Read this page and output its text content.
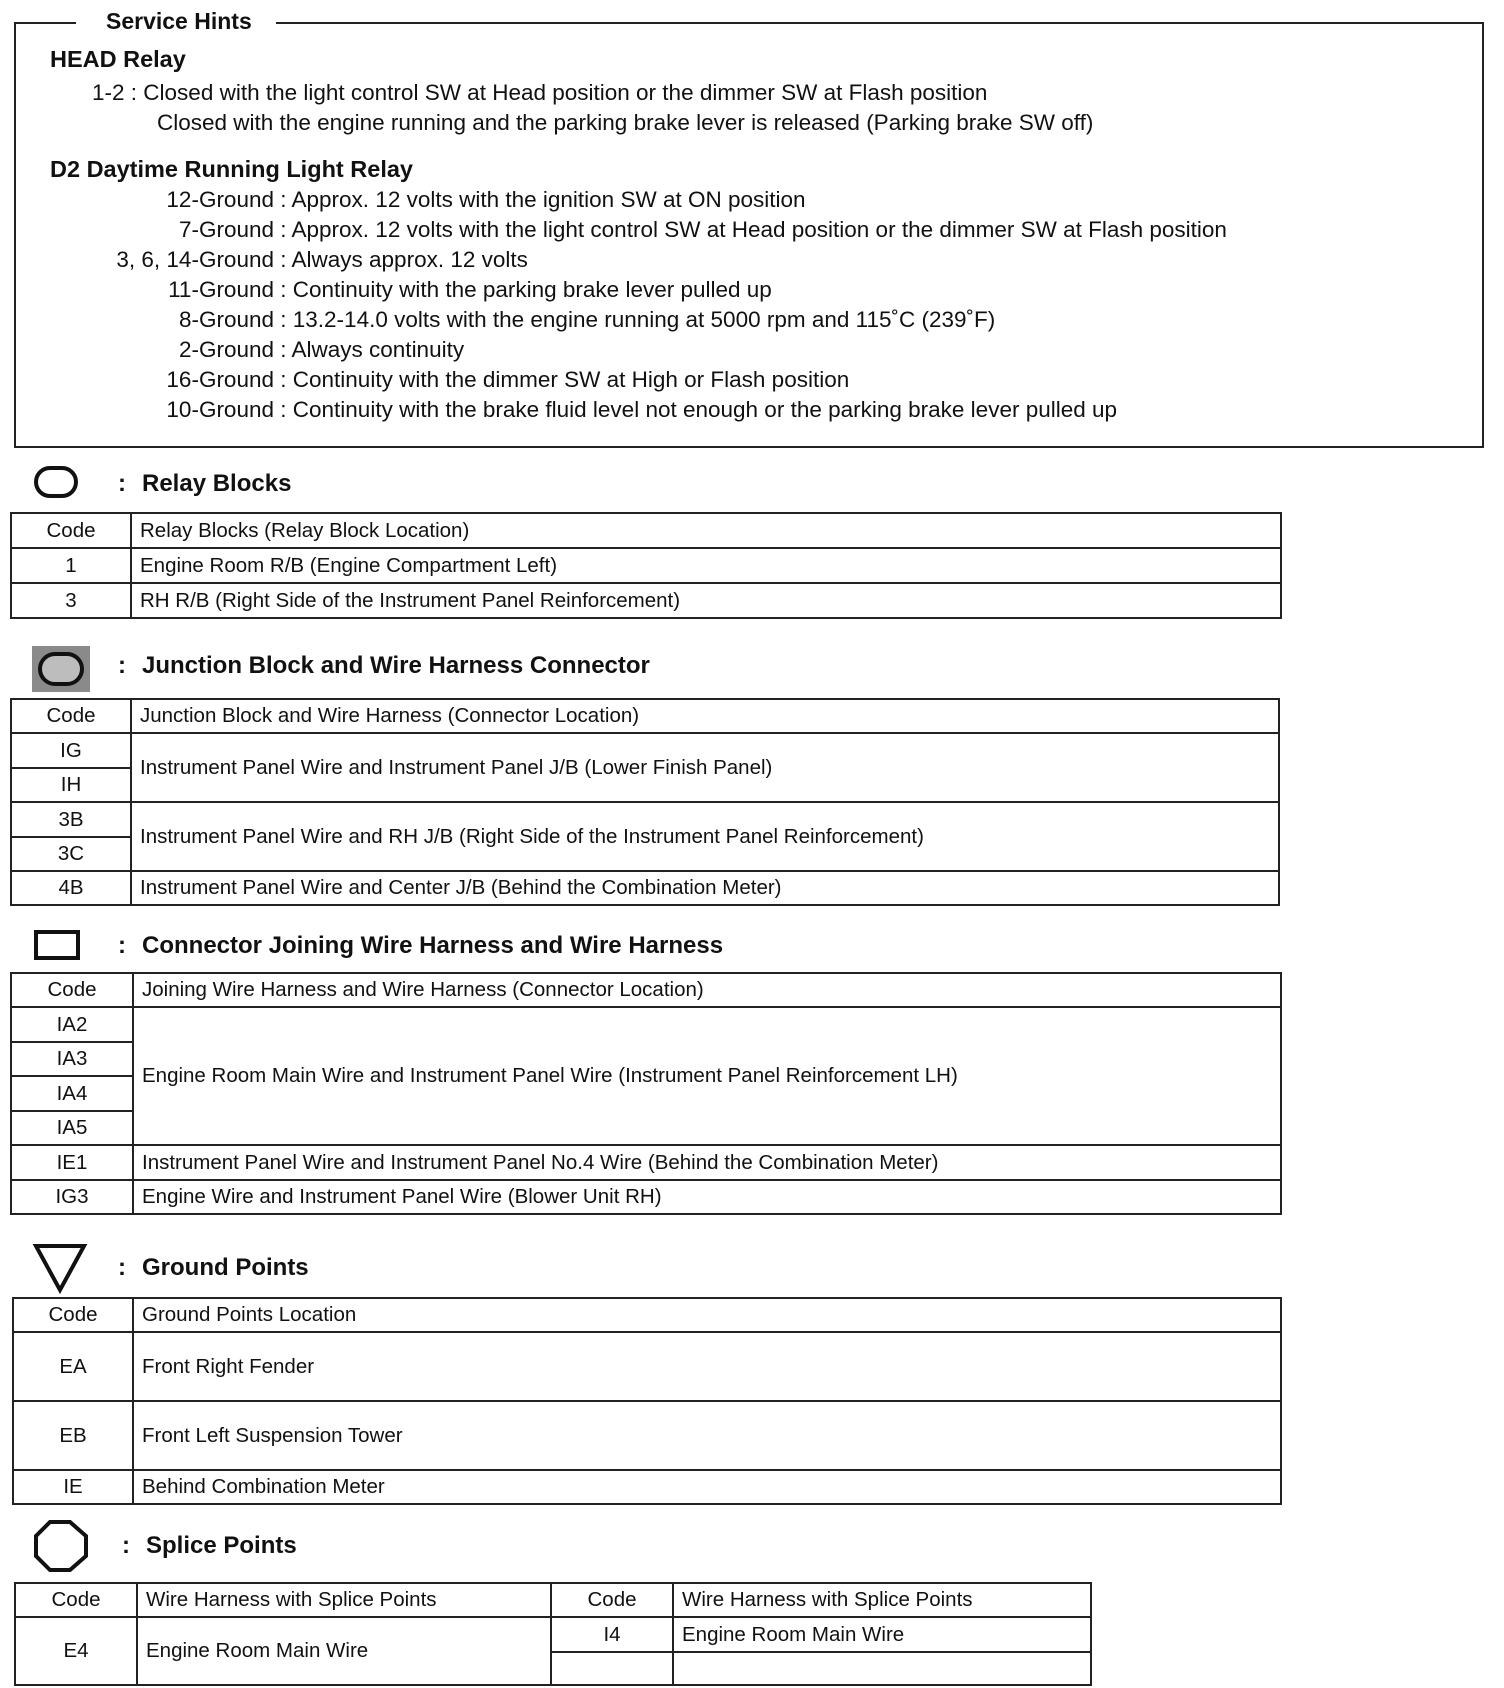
Service Hints
HEAD Relay
1-2 : Closed with the light control SW at Head position or the dimmer SW at Flash position
Closed with the engine running and the parking brake lever is released (Parking brake SW off)
D2 Daytime Running Light Relay
12-Ground : Approx. 12 volts with the ignition SW at ON position
7-Ground : Approx. 12 volts with the light control SW at Head position or the dimmer SW at Flash position
3, 6, 14-Ground : Always approx. 12 volts
11-Ground : Continuity with the parking brake lever pulled up
8-Ground : 13.2-14.0 volts with the engine running at 5000 rpm and 115˚C (239˚F)
2-Ground : Always continuity
16-Ground : Continuity with the dimmer SW at High or Flash position
10-Ground : Continuity with the brake fluid level not enough or the parking brake lever pulled up
: Relay Blocks
Code	Relay Blocks (Relay Block Location)
1	Engine Room R/B (Engine Compartment Left)
3	RH R/B (Right Side of the Instrument Panel Reinforcement)
: Junction Block and Wire Harness Connector
Code	Junction Block and Wire Harness (Connector Location)
IG	Instrument Panel Wire and Instrument Panel J/B (Lower Finish Panel)
IH	
3B	Instrument Panel Wire and RH J/B (Right Side of the Instrument Panel Reinforcement)
3C	
4B	Instrument Panel Wire and Center J/B (Behind the Combination Meter)
: Connector Joining Wire Harness and Wire Harness
Code	Joining Wire Harness and Wire Harness (Connector Location)
IA2	Engine Room Main Wire and Instrument Panel Wire (Instrument Panel Reinforcement LH)
IA3	
IA4	
IA5	
IE1	Instrument Panel Wire and Instrument Panel No.4 Wire (Behind the Combination Meter)
IG3	Engine Wire and Instrument Panel Wire (Blower Unit RH)
: Ground Points
Code	Ground Points Location
EA	Front Right Fender
EB	Front Left Suspension Tower
IE	Behind Combination Meter
: Splice Points
Code	Wire Harness with Splice Points	Code	Wire Harness with Splice Points
E4	Engine Room Main Wire	I4	Engine Room Main Wire
